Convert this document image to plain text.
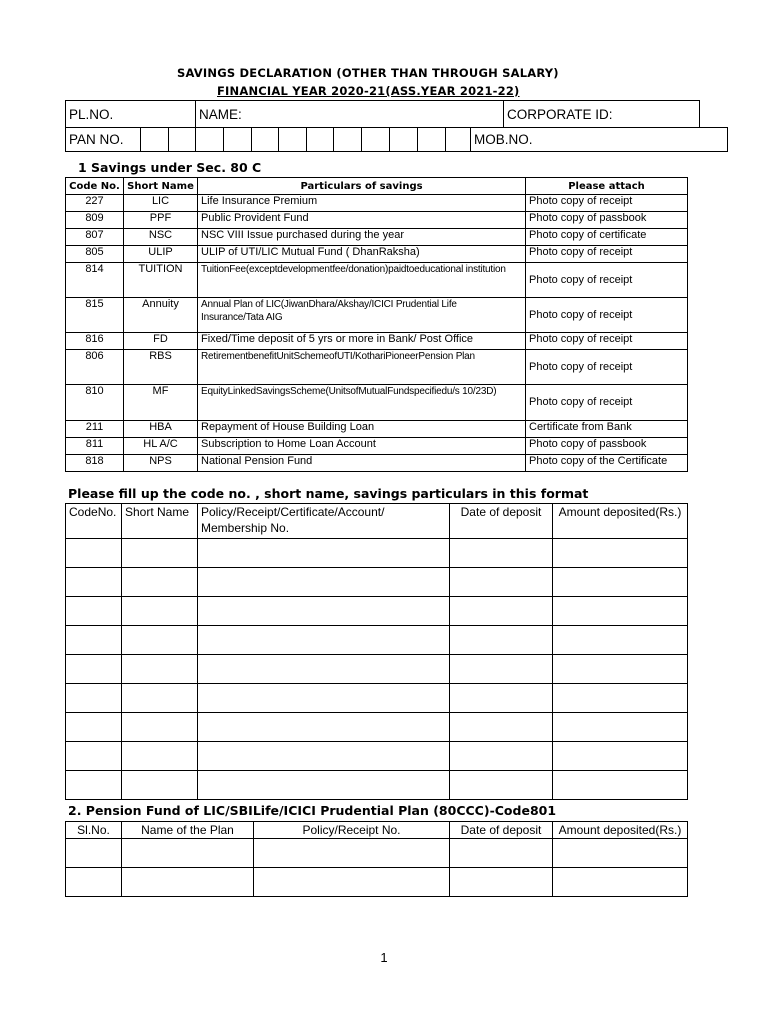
SAVINGS DECLARATION (OTHER THAN THROUGH SALARY)
FINANCIAL YEAR 2020-21(ASS.YEAR 2021-22)
PL.NO.	NAME:	CORPORATE ID:
PAN NO.													MOB.NO.
1 Savings under Sec. 80 C
Code No.	Short Name	Particulars of savings	Please attach
227	LIC	Life Insurance Premium	Photo copy of receipt
809	PPF	Public Provident Fund	Photo copy of passbook
807	NSC	NSC VIII Issue purchased during the year	Photo copy of certificate
805	ULIP	ULIP of UTI/LIC Mutual Fund ( DhanRaksha)	Photo copy of receipt
814	TUITION	TuitionFee(exceptdevelopmentfee/donation)paidtoeducational institution	Photo copy of receipt
815	Annuity	Annual Plan of LIC(JiwanDhara/Akshay/ICICI Prudential Life Insurance/Tata AIG	Photo copy of receipt
816	FD	Fixed/Time deposit of 5 yrs or more in Bank/ Post Office	Photo copy of receipt
806	RBS	RetirementbenefitUnitSchemeofUTI/KothariPioneerPension Plan	Photo copy of receipt
810	MF	EquityLinkedSavingsScheme(UnitsofMutualFundspecifiedu/s 10/23D)	Photo copy of receipt
211	HBA	Repayment of House Building Loan	Certificate from Bank
811	HL A/C	Subscription to Home Loan Account	Photo copy of passbook
818	NPS	National Pension Fund	Photo copy of the Certificate
Please fill up the code no. , short name, savings particulars in this format
CodeNo.	Short Name	Policy/Receipt/Certificate/Account/ Membership No.	Date of deposit	Amount deposited(Rs.)

2. Pension Fund of LIC/SBILife/ICICI Prudential Plan (80CCC)-Code801
Sl.No.	Name of the Plan	Policy/Receipt No.	Date of deposit	Amount deposited(Rs.)

1
